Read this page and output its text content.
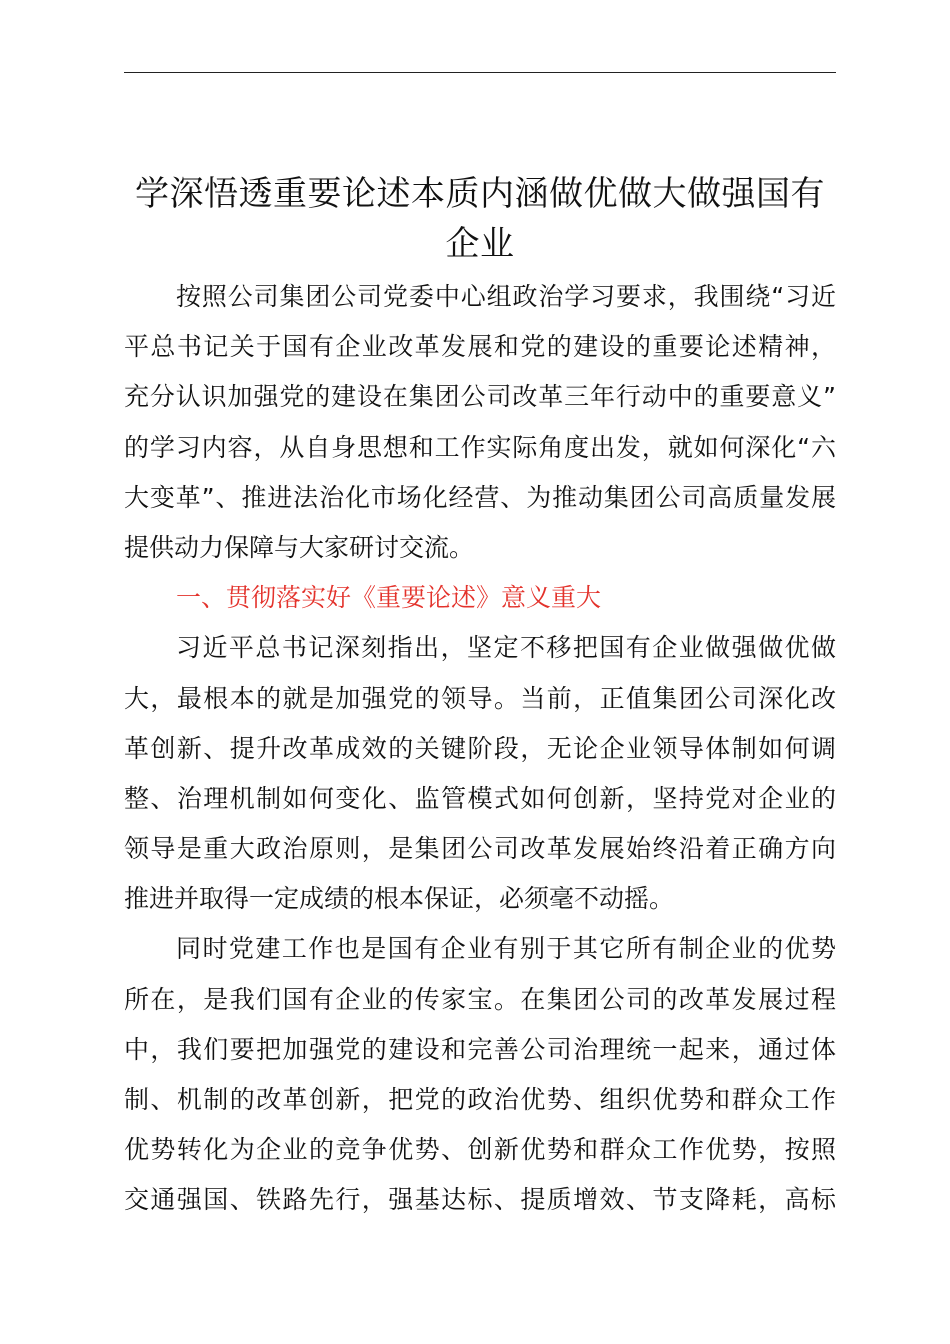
学深悟透重要论述本质内涵做优做大做强国有
企业
按照公司集团公司党委中心组政治学习要求，我围绕“习近
平总书记关于国有企业改革发展和党的建设的重要论述精神，
充分认识加强党的建设在集团公司改革三年行动中的重要意义”
的学习内容，从自身思想和工作实际角度出发，就如何深化“六
大变革”、推进法治化市场化经营、为推动集团公司高质量发展
提供动力保障与大家研讨交流。
一、贯彻落实好《重要论述》意义重大
习近平总书记深刻指出，坚定不移把国有企业做强做优做
大，最根本的就是加强党的领导。当前，正值集团公司深化改
革创新、提升改革成效的关键阶段，无论企业领导体制如何调
整、治理机制如何变化、监管模式如何创新，坚持党对企业的
领导是重大政治原则，是集团公司改革发展始终沿着正确方向
推进并取得一定成绩的根本保证，必须毫不动摇。
同时党建工作也是国有企业有别于其它所有制企业的优势
所在，是我们国有企业的传家宝。在集团公司的改革发展过程
中，我们要把加强党的建设和完善公司治理统一起来，通过体
制、机制的改革创新，把党的政治优势、组织优势和群众工作
优势转化为企业的竞争优势、创新优势和群众工作优势，按照
交通强国、铁路先行，强基达标、提质增效、节支降耗，高标
